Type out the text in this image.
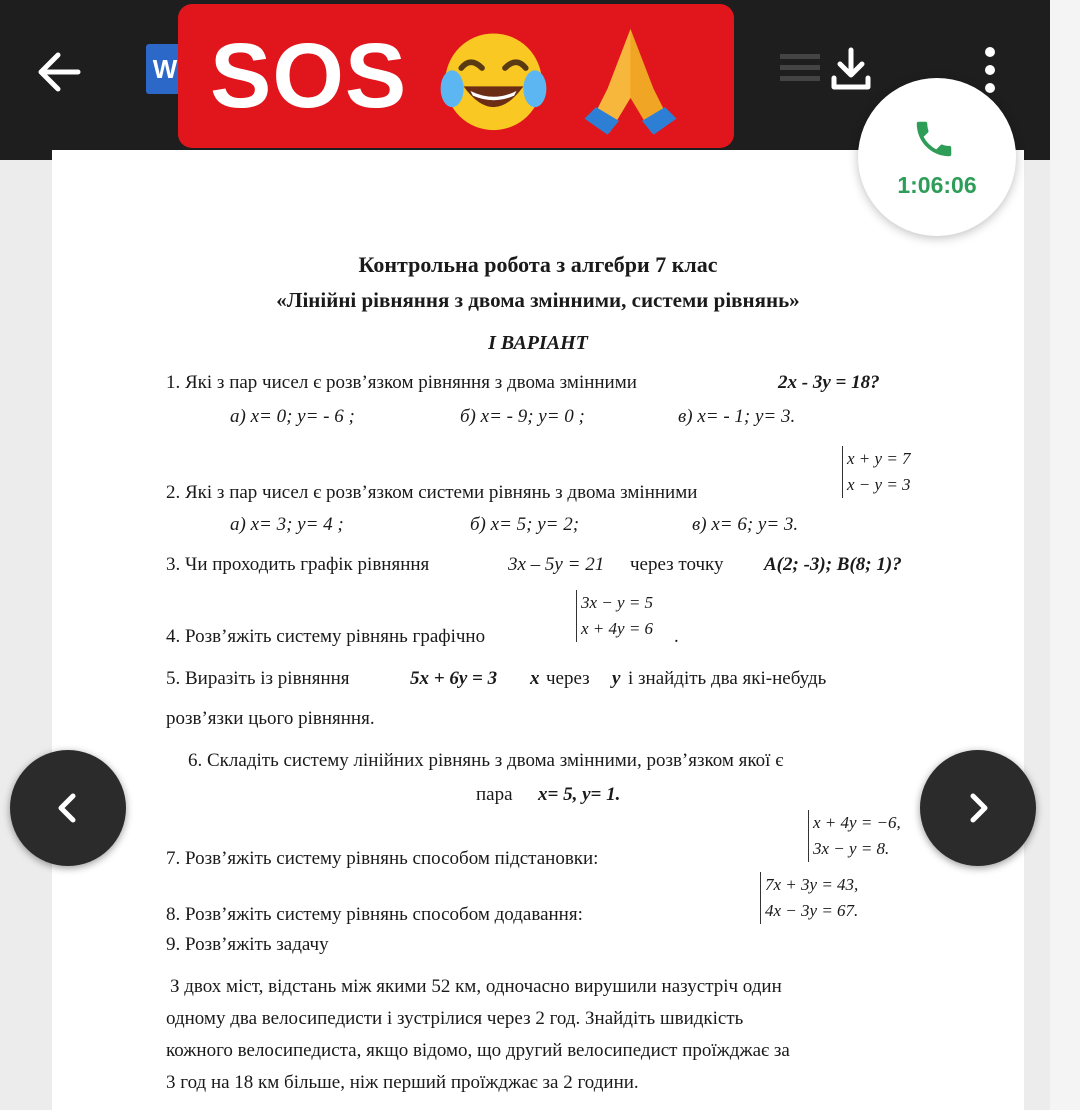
W SOS
Контрольна робота з алгебри 7 клас
«Лінійні рівняння з двома змінними, системи рівнянь»
І ВАРІАНТ
1. Які з пар чисел є розв’язком рівняння з двома змінними	2x - 3y = 18?
а) x= 0; y= - 6 ;	б) x= - 9; y= 0 ;	в) x= - 1; y= 3.
x + y = 7
x − y = 3
2. Які з пар чисел є розв’язком системи рівнянь з двома змінними
а) x= 3; y= 4 ;	б) x= 5; y= 2;	в) x= 6; y= 3.
3. Чи проходить графік рівняння	3x – 5y = 21 через точку A(2; -3); B(8; 1)?
3x − y = 5
x + 4y = 6
4. Розв’яжіть систему рівнянь графічно	.
5. Виразіть із рівняння	5x + 6y = 3 x через y і знайдіть два які-небудь
розв’язки цього рівняння.
6. Складіть систему лінійних рівнянь з двома змінними, розв’язком якої є
пара x= 5, y= 1.
x + 4y = −6,
3x − y = 8.
7. Розв’яжіть систему рівнянь способом підстановки:
7x + 3y = 43,
4x − 3y = 67.
8. Розв’яжіть систему рівнянь способом додавання:
9. Розв’яжіть задачу
З двох міст, відстань між якими 52 км, одночасно вирушили назустріч один
одному два велосипедисти і зустрілися через 2 год. Знайдіть швидкість
кожного велосипедиста, якщо відомо, що другий велосипедист проїжджає за
3 год на 18 км більше, ніж перший проїжджає за 2 години.
1:06:06
